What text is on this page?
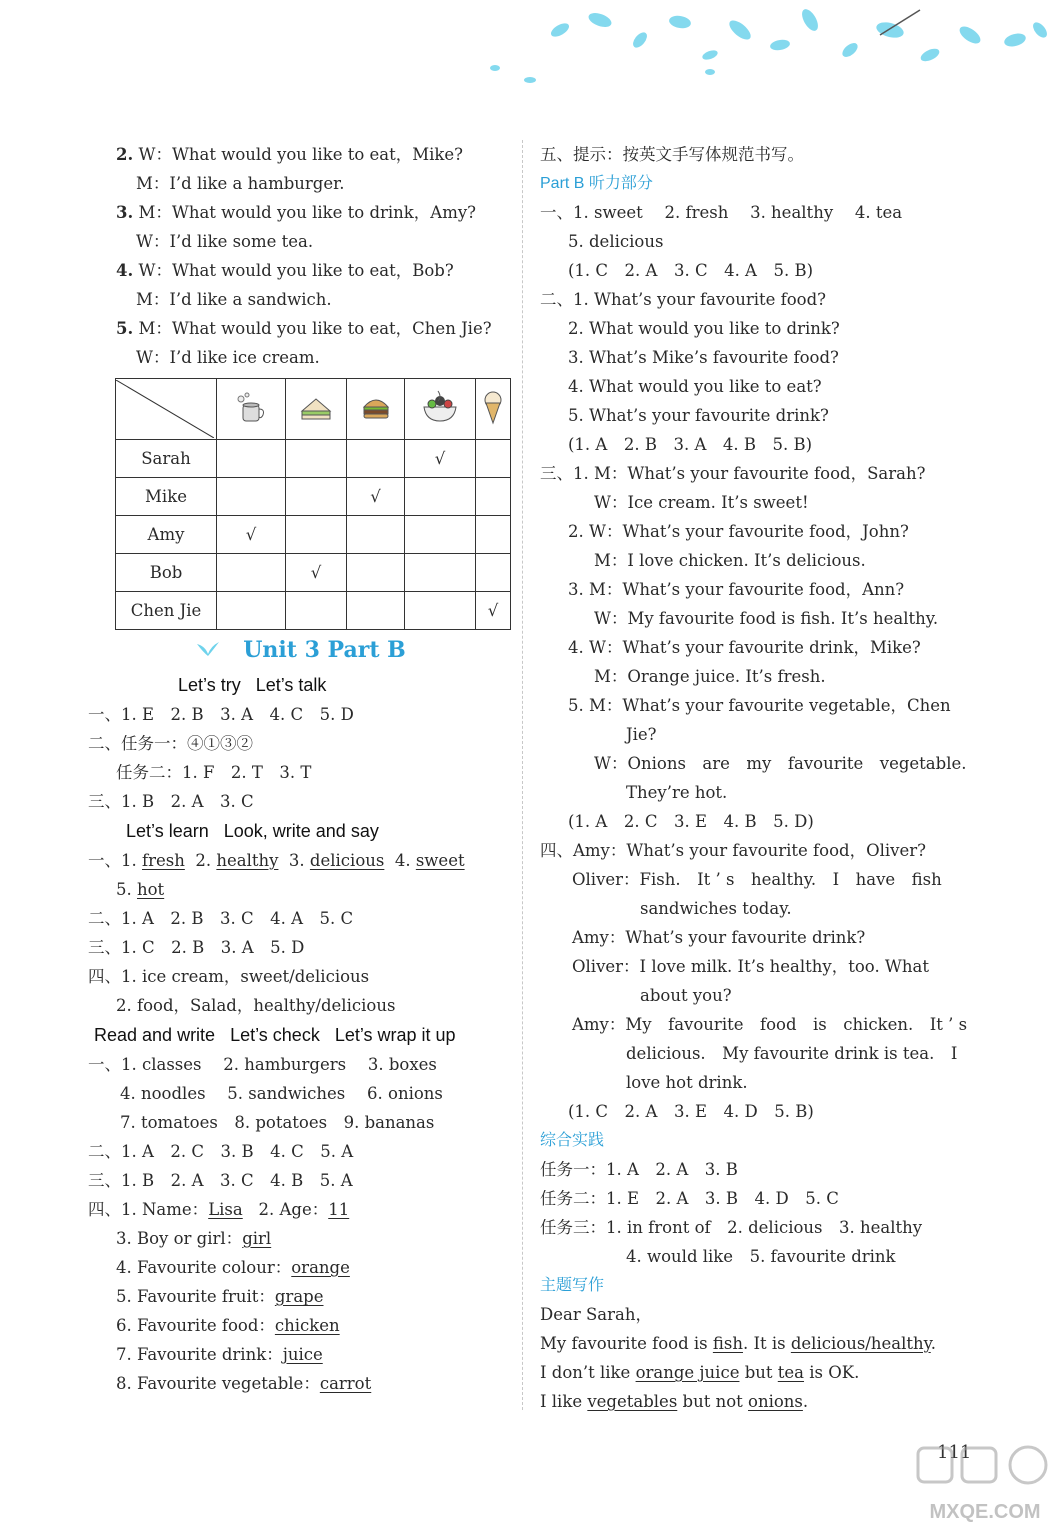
2. W：What would you like to eat，Mike?
M：I’d like a hamburger.
3. M：What would you like to drink，Amy?
W：I’d like some tea.
4. W：What would you like to eat，Bob?
M：I’d like a sandwich.
5. M：What would you like to eat，Chen Jie?
W：I’d like ice cream.

Sarah				√	
Mike			√		
Amy	√				
Bob		√			
Chen Jie					√
Unit 3 Part B
Let’s try Let’s talk
一、1. E　2. B　3. A　4. C　5. D
二、任务一：④①③②
任务二：1. F　2. T　3. T
三、1. B　2. A　3. C
Let’s learn Look, write and say
一、1. fresh  2. healthy  3. delicious  4. sweet
5. hot
二、1. A　2. B　3. C　4. A　5. C
三、1. C　2. B　3. A　5. D
四、1. ice cream，sweet/delicious
2. food，Salad，healthy/delicious
Read and write Let’s check Let’s wrap it up
一、1. classes　 2. hamburgers　 3. boxes
4. noodles　 5. sandwiches　 6. onions
7. tomatoes　8. potatoes　9. bananas
二、1. A　2. C　3. B　4. C　5. A
三、1. B　2. A　3. C　4. B　5. A
四、1. Name：Lisa 2. Age：11
3. Boy or girl：girl
4. Favourite colour：orange
5. Favourite fruit：grape
6. Favourite food：chicken
7. Favourite drink：juice
8. Favourite vegetable：carrot
五、提示：按英文手写体规范书写。
Part B 听力部分
一、1. sweet　 2. fresh　 3. healthy　 4. tea
5. delicious
(1. C　2. A　3. C　4. A　5. B)
二、1. What’s your favourite food?
2. What would you like to drink?
3. What’s Mike’s favourite food?
4. What would you like to eat?
5. What’s your favourite drink?
(1. A　2. B　3. A　4. B　5. B)
三、1. M：What’s your favourite food，Sarah?
W：Ice cream. It’s sweet!
2. W：What’s your favourite food，John?
M：I love chicken. It’s delicious.
3. M：What’s your favourite food，Ann?
W：My favourite food is fish. It’s healthy.
4. W：What’s your favourite drink，Mike?
M：Orange juice. It’s fresh.
5. M：What’s your favourite vegetable，Chen
Jie?
W：Onions　are　my　favourite　vegetable.
They’re hot.
(1. A　2. C　3. E　4. B　5. D)
四、Amy：What’s your favourite food，Oliver?
Oliver：Fish.　It ’ s　healthy.　I　have　fish
sandwiches today.
Amy：What’s your favourite drink?
Oliver：I love milk. It’s healthy，too. What
about you?
Amy：My　favourite　food　is　chicken.　It ’ s
delicious.　My favourite drink is tea.　I
love hot drink.
(1. C　2. A　3. E　4. D　5. B)
综合实践
任务一：1. A　2. A　3. B
任务二：1. E　2. A　3. B　4. D　5. C
任务三：1. in front of　2. delicious　3. healthy
4. would like　5. favourite drink
主题写作
Dear Sarah，
My favourite food is fish. It is delicious/healthy.
I don’t like orange juice but tea is OK.
I like vegetables but not onions.
111
MXQE.COM
